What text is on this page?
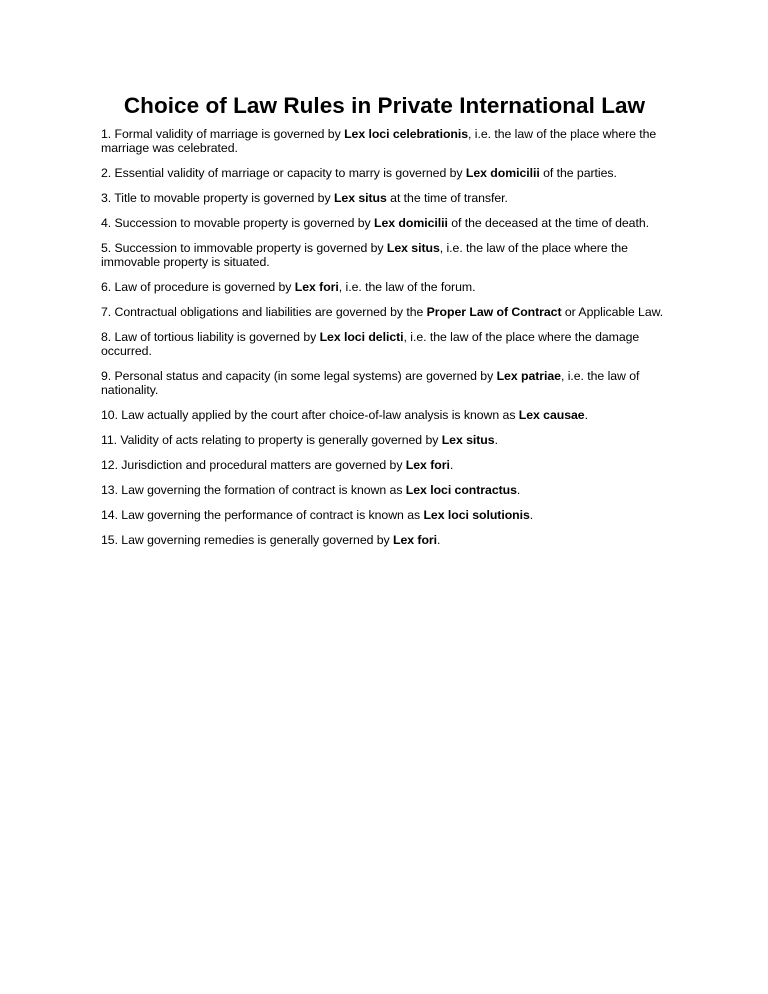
Choice of Law Rules in Private International Law
1. Formal validity of marriage is governed by Lex loci celebrationis, i.e. the law of the place where the marriage was celebrated.
2. Essential validity of marriage or capacity to marry is governed by Lex domicilii of the parties.
3. Title to movable property is governed by Lex situs at the time of transfer.
4. Succession to movable property is governed by Lex domicilii of the deceased at the time of death.
5. Succession to immovable property is governed by Lex situs, i.e. the law of the place where the immovable property is situated.
6. Law of procedure is governed by Lex fori, i.e. the law of the forum.
7. Contractual obligations and liabilities are governed by the Proper Law of Contract or Applicable Law.
8. Law of tortious liability is governed by Lex loci delicti, i.e. the law of the place where the damage occurred.
9. Personal status and capacity (in some legal systems) are governed by Lex patriae, i.e. the law of nationality.
10. Law actually applied by the court after choice-of-law analysis is known as Lex causae.
11. Validity of acts relating to property is generally governed by Lex situs.
12. Jurisdiction and procedural matters are governed by Lex fori.
13. Law governing the formation of contract is known as Lex loci contractus.
14. Law governing the performance of contract is known as Lex loci solutionis.
15. Law governing remedies is generally governed by Lex fori.
